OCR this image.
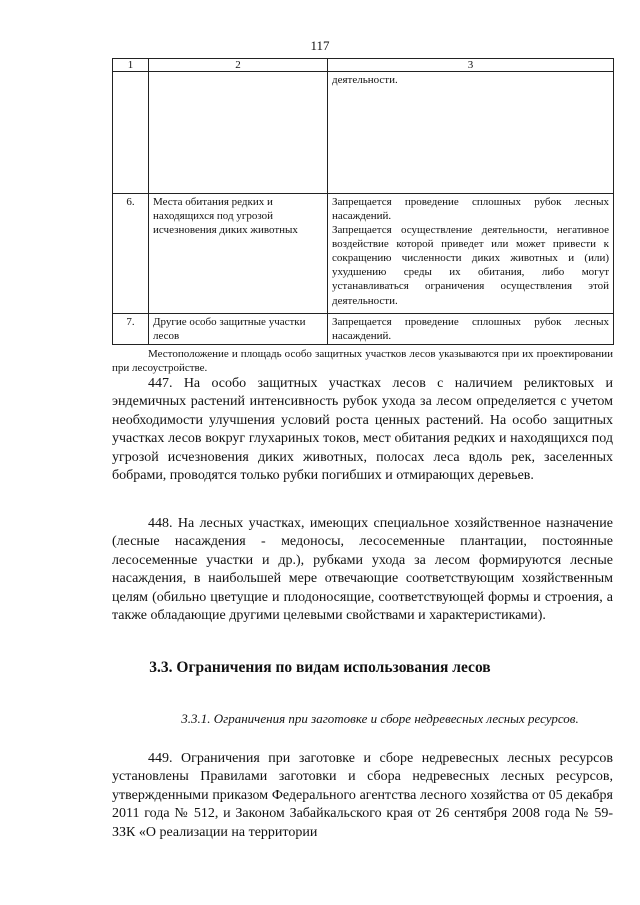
117
1	2	3

		деятельности.

6.	Места обитания редких и находящихся под угрозой исчезновения диких животных	Запрещается проведение сплошных рубок лесных насаждений.
Запрещается осуществление деятельности, негативное воздействие которой приведет или может привести к сокращению численности диких животных и (или) ухудшению среды их обитания, либо могут устанавливаться ограничения осуществления этой деятельности.

7.	Другие особо защитные участки лесов	Запрещается проведение сплошных рубок лесных насаждений.
Местоположение и площадь особо защитных участков лесов указываются при их проектировании при лесоустройстве.

447. На особо защитных участках лесов с наличием реликтовых и эндемичных растений интенсивность рубок ухода за лесом определяется с учетом необходимости улучшения условий роста ценных растений. На особо защитных участках лесов вокруг глухариных токов, мест обитания редких и находящихся под угрозой исчезновения диких животных, полосах леса вдоль рек, заселенных бобрами, проводятся только рубки погибших и отмирающих деревьев.

448. На лесных участках, имеющих специальное хозяйственное назначение (лесные насаждения - медоносы, лесосеменные плантации, постоянные лесосеменные участки и др.), рубками ухода за лесом формируются лесные насаждения, в наибольшей мере отвечающие соответствующим хозяйственным целям (обильно цветущие и плодоносящие, соответствующей формы и строения, а также обладающие другими целевыми свойствами и характеристиками).

3.3. Ограничения по видам использования лесов
3.3.1. Ограничения при заготовке и сборе недревесных лесных ресурсов.

449. Ограничения при заготовке и сборе недревесных лесных ресурсов установлены Правилами заготовки и сбора недревесных лесных ресурсов, утвержденными приказом Федерального агентства лесного хозяйства от 05 декабря 2011 года № 512, и Законом Забайкальского края от 26 сентября 2008 года № 59-ЗЗК «О реализации на территории
